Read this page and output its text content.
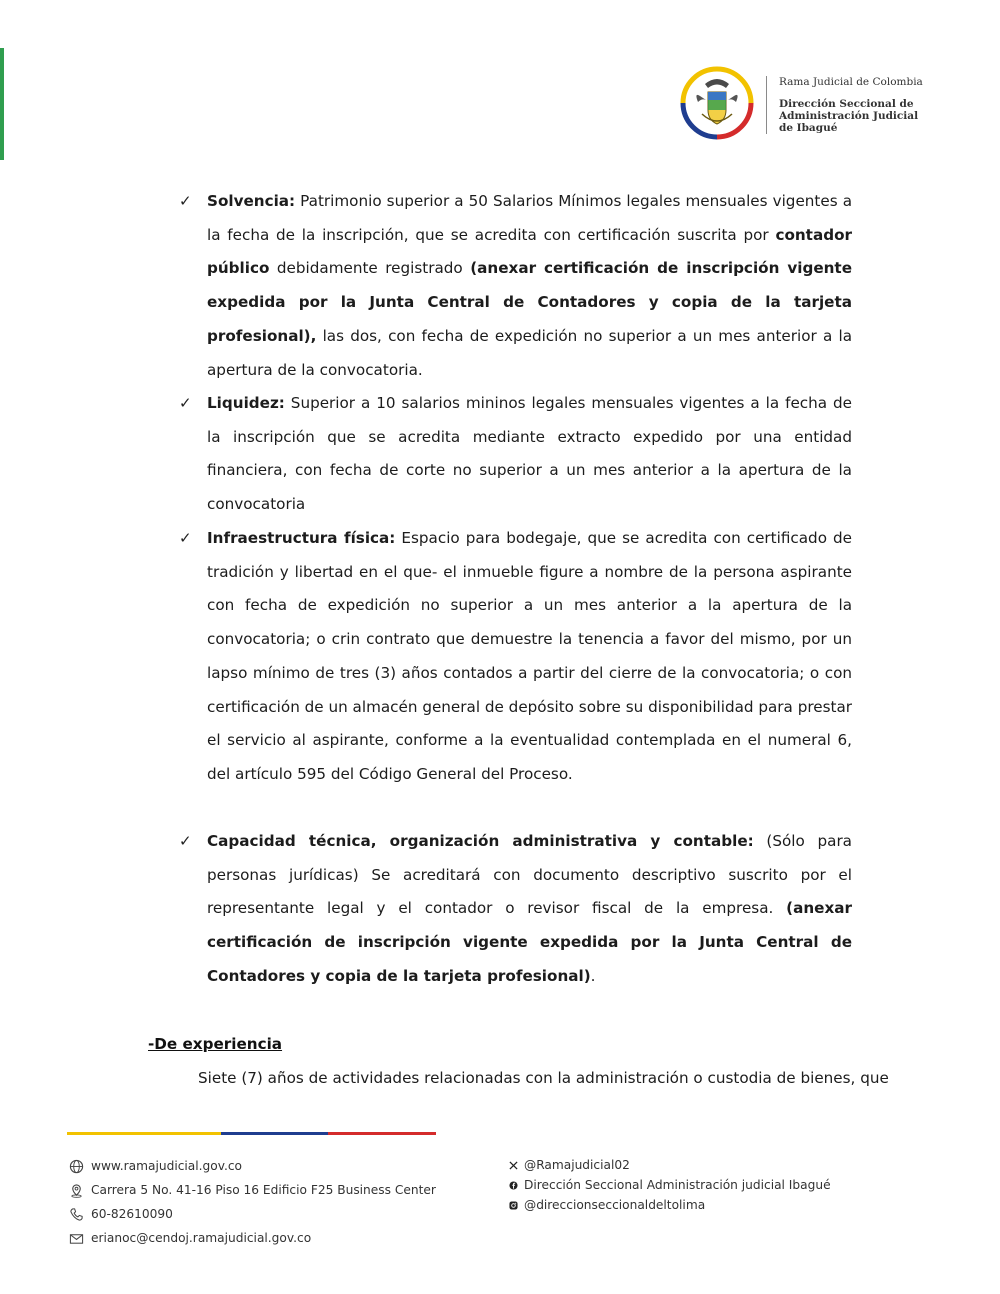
Rama Judicial de Colombia
Dirección Seccional de
Administración Judicial
de Ibagué
✓ Solvencia: Patrimonio superior a 50 Salarios Mínimos legales mensuales vigentes a la fecha de la inscripción, que se acredita con certificación suscrita por contador público debidamente registrado (anexar certificación de inscripción vigente expedida por la Junta Central de Contadores y copia de la tarjeta profesional), las dos, con fecha de expedición no superior a un mes anterior a la apertura de la convocatoria.
✓ Liquidez: Superior a 10 salarios mininos legales mensuales vigentes a la fecha de la inscripción que se acredita mediante extracto expedido por una entidad financiera, con fecha de corte no superior a un mes anterior a la apertura de la convocatoria
✓ Infraestructura física: Espacio para bodegaje, que se acredita con certificado de tradición y libertad en el que- el inmueble figure a nombre de la persona aspirante con fecha de expedición no superior a un mes anterior a la apertura de la convocatoria; o crin contrato que demuestre la tenencia a favor del mismo, por un lapso mínimo de tres (3) años contados a partir del cierre de la convocatoria; o con certificación de un almacén general de depósito sobre su disponibilidad para prestar el servicio al aspirante, conforme a la eventualidad contemplada en el numeral 6, del artículo 595 del Código General del Proceso.
✓ Capacidad técnica, organización administrativa y contable: (Sólo para personas jurídicas) Se acreditará con documento descriptivo suscrito por el representante legal y el contador o revisor fiscal de la empresa. (anexar certificación de inscripción vigente expedida por la Junta Central de Contadores y copia de la tarjeta profesional).
-De experiencia
Siete (7) años de actividades relacionadas con la administración o custodia de bienes, que
www.ramajudicial.gov.co
Carrera 5 No. 41-16 Piso 16 Edificio F25 Business Center
60-82610090
erianoc@cendoj.ramajudicial.gov.co
@Ramajudicial02
Dirección Seccional Administración judicial Ibagué
@direccionseccionaldeltolima
